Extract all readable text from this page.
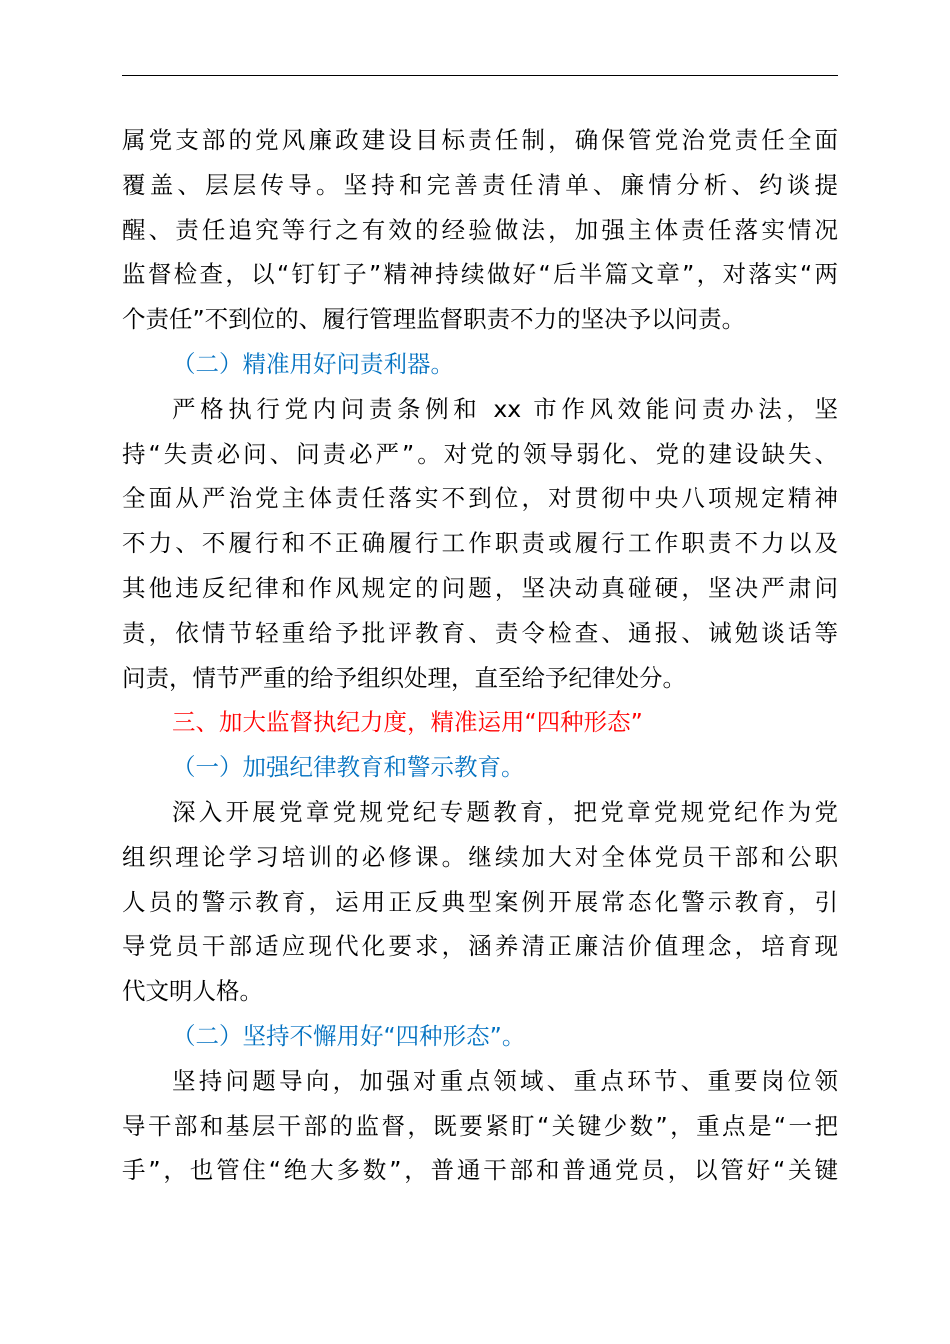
属党支部的党风廉政建设目标责任制，确保管党治党责任全面
覆盖、层层传导。坚持和完善责任清单、廉情分析、约谈提
醒、责任追究等行之有效的经验做法，加强主体责任落实情况
监督检查，以“钉钉子”精神持续做好“后半篇文章”，对落实“两
个责任”不到位的、履行管理监督职责不力的坚决予以问责。
（二）精准用好问责利器。
严格执行党内问责条例和 xx 市作风效能问责办法，坚
持“失责必问、问责必严”。对党的领导弱化、党的建设缺失、
全面从严治党主体责任落实不到位，对贯彻中央八项规定精神
不力、不履行和不正确履行工作职责或履行工作职责不力以及
其他违反纪律和作风规定的问题，坚决动真碰硬，坚决严肃问
责，依情节轻重给予批评教育、责令检查、通报、诫勉谈话等
问责，情节严重的给予组织处理，直至给予纪律处分。
三、加大监督执纪力度，精准运用“四种形态”
（一）加强纪律教育和警示教育。
深入开展党章党规党纪专题教育，把党章党规党纪作为党
组织理论学习培训的必修课。继续加大对全体党员干部和公职
人员的警示教育，运用正反典型案例开展常态化警示教育，引
导党员干部适应现代化要求，涵养清正廉洁价值理念，培育现
代文明人格。
（二）坚持不懈用好“四种形态”。
坚持问题导向，加强对重点领域、重点环节、重要岗位领
导干部和基层干部的监督，既要紧盯“关键少数”，重点是“一把
手”，也管住“绝大多数”，普通干部和普通党员，以管好“关键
